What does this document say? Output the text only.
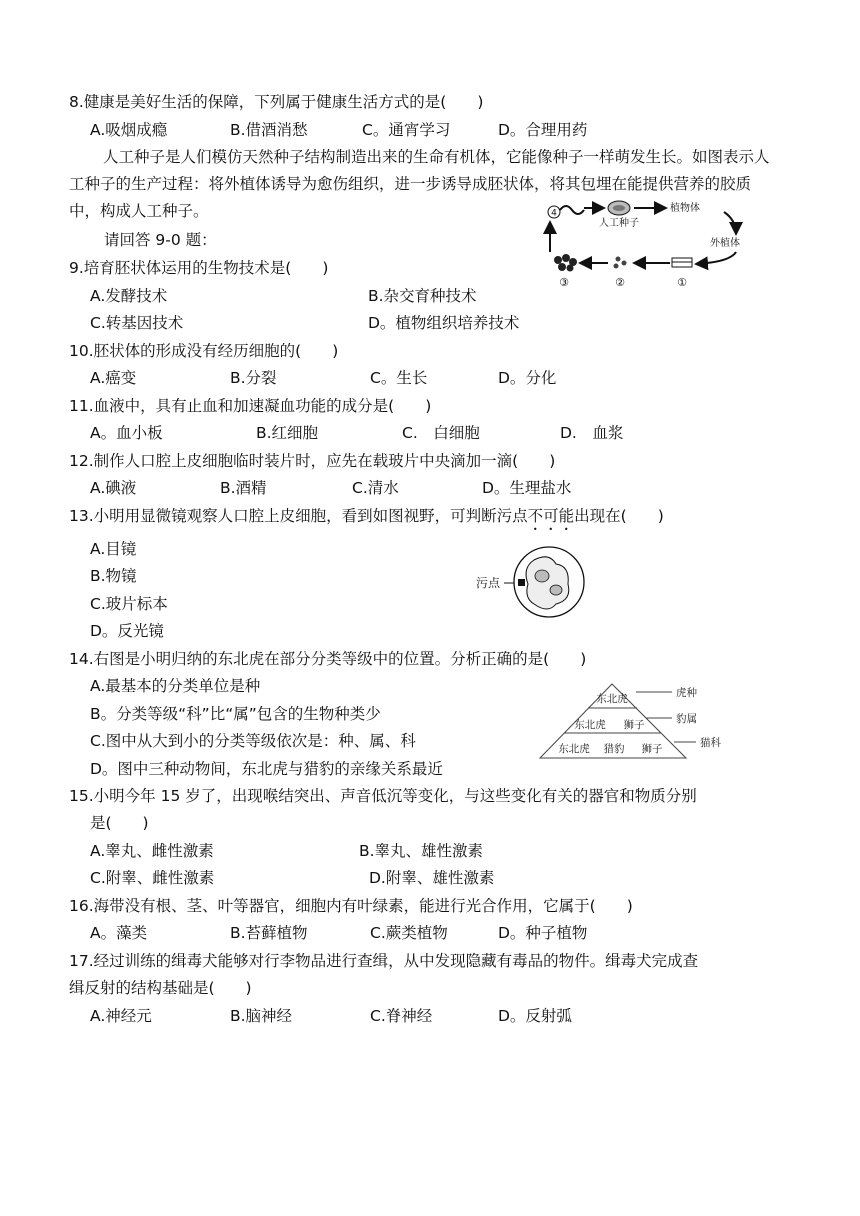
8.健康是美好生活的保障，下列属于健康生活方式的是(　　)
A.吸烟成瘾	B.借酒消愁	C。通宵学习	D。合理用药
人工种子是人们模仿天然种子结构制造出来的生命有机体，它能像种子一样萌发生长。如图表示人工种子的生产过程：将外植体诱导为愈伤组织，进一步诱导成胚状体，将其包埋在能提供营养的胶质中，构成人工种子。
请回答 9-0 题：
4
人工种子
植物体
外植体
①
②
③
9.培育胚状体运用的生物技术是(　　)
A.发酵技术	B.杂交育种技术
C.转基因技术	D。植物组织培养技术
10.胚状体的形成没有经历细胞的(　　)
A.癌变	B.分裂	C。生长	D。分化
11.血液中，具有止血和加速凝血功能的成分是(　　)
A。血小板	B.红细胞	C.　白细胞	D.　血浆
12.制作人口腔上皮细胞临时装片时，应先在载玻片中央滴加一滴(　　)
A.碘液	B.酒精	C.清水	D。生理盐水
13.小明用显微镜观察人口腔上皮细胞，看到如图视野，可判断污点不可能出现在(　　)
A.目镜
B.物镜
C.玻片标本
D。反光镜
污点
14.右图是小明归纳的东北虎在部分分类等级中的位置。分析正确的是(　　)
A.最基本的分类单位是种
B。分类等级“科”比“属”包含的生物种类少
C.图中从大到小的分类等级依次是：种、属、科
D。图中三种动物间，东北虎与猎豹的亲缘关系最近
东北虎
东北虎 狮子
东北虎 猎豹 狮子
虎种
豹属
猫科
15.小明今年 15 岁了，出现喉结突出、声音低沉等变化，与这些变化有关的器官和物质分别
是(　　)
A.睾丸、雌性激素	B.睾丸、雄性激素
C.附睾、雌性激素	D.附睾、雄性激素
16.海带没有根、茎、叶等器官，细胞内有叶绿素，能进行光合作用，它属于(　　)
A。藻类	B.苔藓植物	C.蕨类植物	D。种子植物
17.经过训练的缉毒犬能够对行李物品进行查缉，从中发现隐藏有毒品的物件。缉毒犬完成查
缉反射的结构基础是(　　)
A.神经元	B.脑神经	C.脊神经	D。反射弧
